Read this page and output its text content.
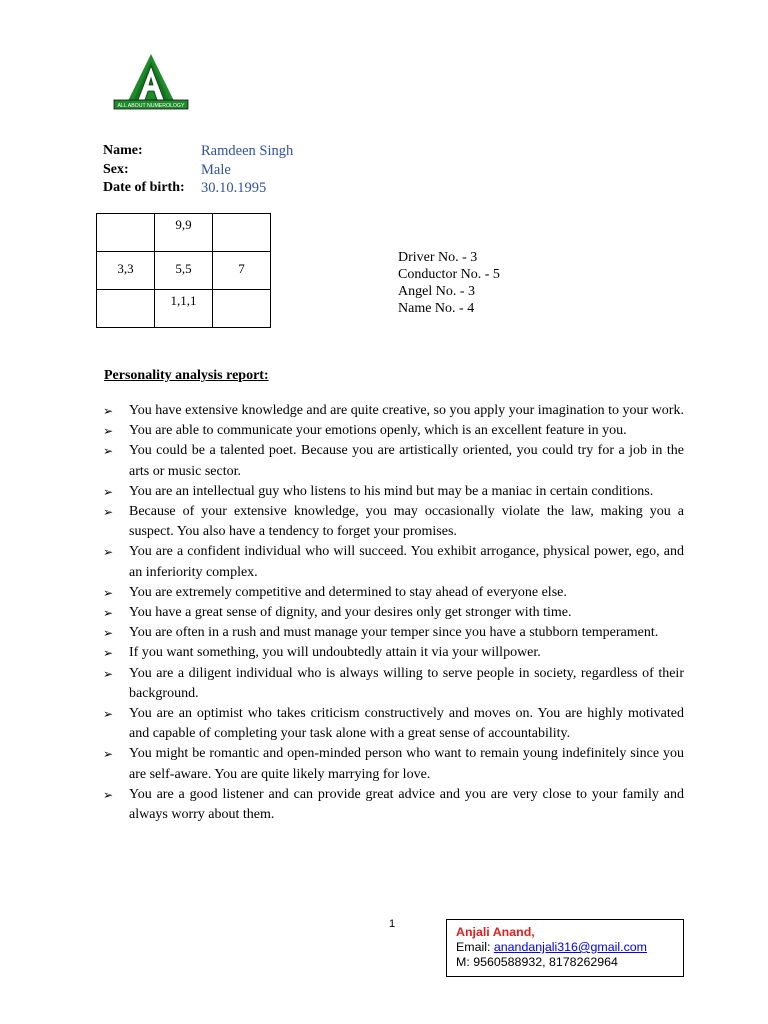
ALL ABOUT NUMEROLOGY
Name:	Ramdeen Singh
Sex:	Male
Date of birth:	30.10.1995
	9,9	
3,3	5,5	7
	1,1,1	
Driver No. - 3
Conductor No. - 5
Angel No. - 3
Name No. - 4
Personality analysis report:
➢	You have extensive knowledge and are quite creative, so you apply your imagination to your work.
➢	You are able to communicate your emotions openly, which is an excellent feature in you.
➢	You could be a talented poet. Because you are artistically oriented, you could try for a job in the arts or music sector.
➢	You are an intellectual guy who listens to his mind but may be a maniac in certain conditions.
➢	Because of your extensive knowledge, you may occasionally violate the law, making you a suspect. You also have a tendency to forget your promises.
➢	You are a confident individual who will succeed. You exhibit arrogance, physical power, ego, and an inferiority complex.
➢	You are extremely competitive and determined to stay ahead of everyone else.
➢	You have a great sense of dignity, and your desires only get stronger with time.
➢	You are often in a rush and must manage your temper since you have a stubborn temperament.
➢	If you want something, you will undoubtedly attain it via your willpower.
➢	You are a diligent individual who is always willing to serve people in society, regardless of their background.
➢	You are an optimist who takes criticism constructively and moves on. You are highly motivated and capable of completing your task alone with a great sense of accountability.
➢	You might be romantic and open-minded person who want to remain young indefinitely since you are self-aware. You are quite likely marrying for love.
➢	You are a good listener and can provide great advice and you are very close to your family and always worry about them.
1
Anjali Anand,
Email: anandanjali316@gmail.com
M: 9560588932, 8178262964
